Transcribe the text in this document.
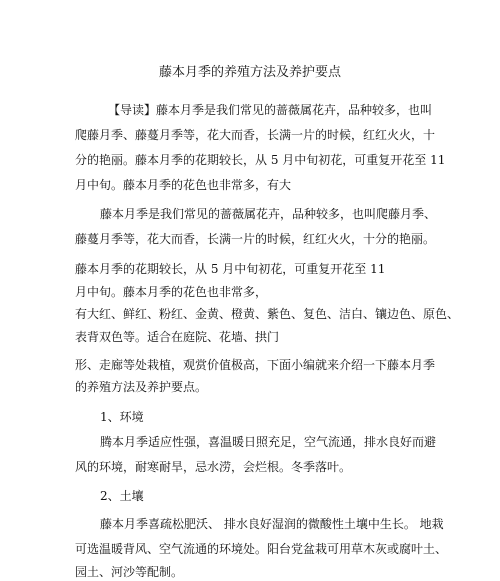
藤本月季的养殖方法及养护要点
【导读】藤本月季是我们常见的蔷薇属花卉，品种较多，也叫
爬藤月季、藤蔓月季等，花大而香，长满一片的时候，红红火火，十
分的艳丽。藤本月季的花期较长，从 5 月中旬初花，可重复开花至 11
月中旬。藤本月季的花色也非常多，有大
藤本月季是我们常见的蔷薇属花卉，品种较多，也叫爬藤月季、
藤蔓月季等，花大而香，长满一片的时候，红红火火，十分的艳丽。
藤本月季的花期较长，从 5 月中旬初花，可重复开花至 11
月中旬。藤本月季的花色也非常多，
有大红、鲜红、粉红、金黄、橙黄、紫色、复色、洁白、镶边色、原色、
表背双色等。适合在庭院、花墙、拱门
形、走廊等处栽植，观赏价值极高，下面小编就来介绍一下藤本月季
的养殖方法及养护要点。
1、环境
腾本月季适应性强，喜温暖日照充足，空气流通，排水良好而避
风的环境，耐寒耐旱，忌水涝，会烂根。冬季落叶。
2、土壤
藤本月季喜疏松肥沃、 排水良好湿润的微酸性土壤中生长。 地栽
可选温暖背风、空气流通的环境处。阳台党盆栽可用草木灰或腐叶土、
园土、河沙等配制。
